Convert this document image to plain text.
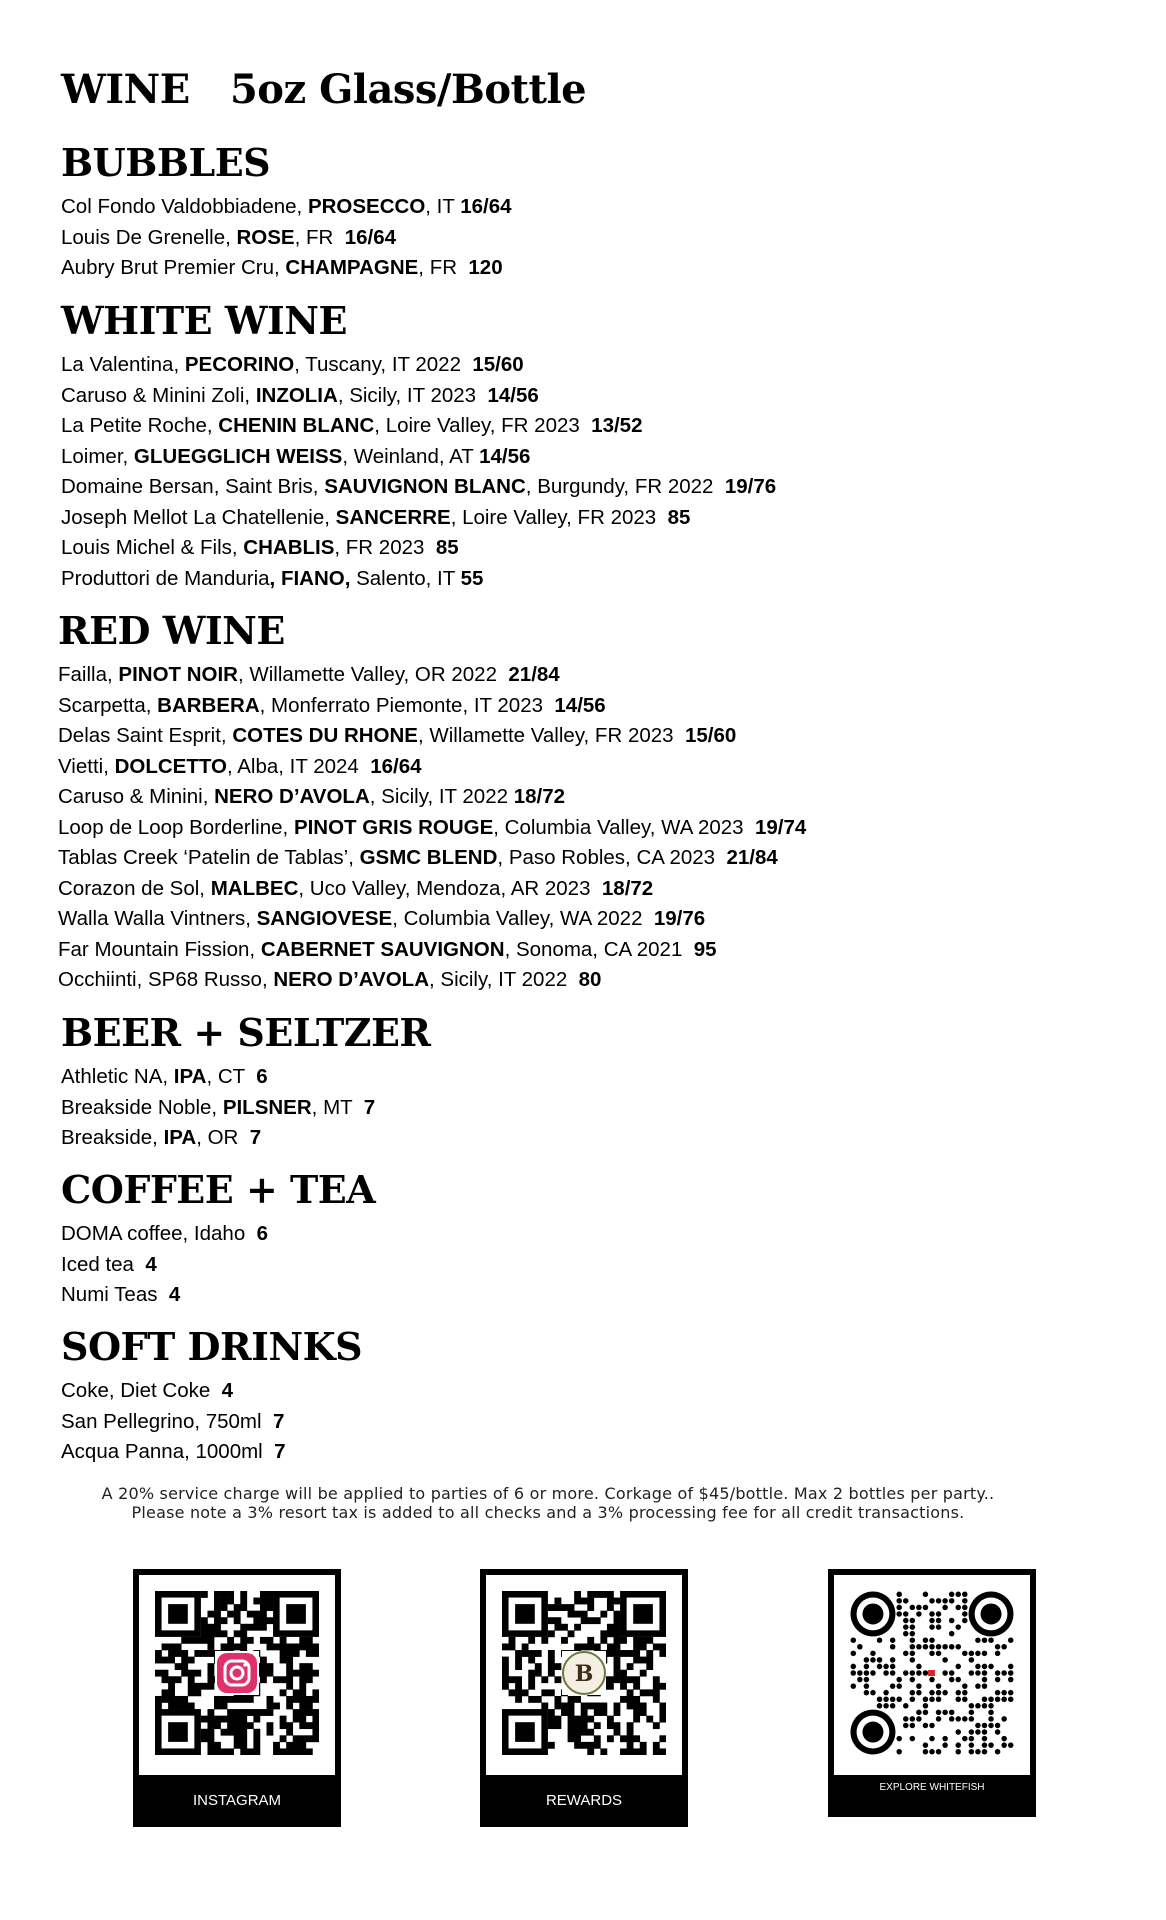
WINE   5oz Glass/Bottle
BUBBLES
Col Fondo Valdobbiadene, PROSECCO, IT 16/64
Louis De Grenelle, ROSE, FR  16/64
Aubry Brut Premier Cru, CHAMPAGNE, FR  120
WHITE WINE
La Valentina, PECORINO, Tuscany, IT 2022  15/60
Caruso & Minini Zoli, INZOLIA, Sicily, IT 2023  14/56
La Petite Roche, CHENIN BLANC, Loire Valley, FR 2023  13/52
Loimer, GLUEGGLICH WEISS, Weinland, AT 14/56
Domaine Bersan, Saint Bris, SAUVIGNON BLANC, Burgundy, FR 2022  19/76
Joseph Mellot La Chatellenie, SANCERRE, Loire Valley, FR 2023  85
Louis Michel & Fils, CHABLIS, FR 2023  85
Produttori de Manduria, FIANO, Salento, IT 55
RED WINE
Failla, PINOT NOIR, Willamette Valley, OR 2022  21/84
Scarpetta, BARBERA, Monferrato Piemonte, IT 2023  14/56
Delas Saint Esprit, COTES DU RHONE, Willamette Valley, FR 2023  15/60
Vietti, DOLCETTO, Alba, IT 2024  16/64
Caruso & Minini, NERO D’AVOLA, Sicily, IT 2022 18/72
Loop de Loop Borderline, PINOT GRIS ROUGE, Columbia Valley, WA 2023  19/74
Tablas Creek ‘Patelin de Tablas’, GSMC BLEND, Paso Robles, CA 2023  21/84
Corazon de Sol, MALBEC, Uco Valley, Mendoza, AR 2023  18/72
Walla Walla Vintners, SANGIOVESE, Columbia Valley, WA 2022  19/76
Far Mountain Fission, CABERNET SAUVIGNON, Sonoma, CA 2021  95
Occhiinti, SP68 Russo, NERO D’AVOLA, Sicily, IT 2022  80
BEER + SELTZER
Athletic NA, IPA, CT  6
Breakside Noble, PILSNER, MT  7
Breakside, IPA, OR  7
COFFEE + TEA
DOMA coffee, Idaho  6
Iced tea  4
Numi Teas  4
SOFT DRINKS
Coke, Diet Coke  4
San Pellegrino, 750ml  7
Acqua Panna, 1000ml  7
A 20% service charge will be applied to parties of 6 or more. Corkage of $45/bottle. Max 2 bottles per party..
Please note a 3% resort tax is added to all checks and a 3% processing fee for all credit transactions.
INSTAGRAM
B
REWARDS
EXPLORE WHITEFISH
